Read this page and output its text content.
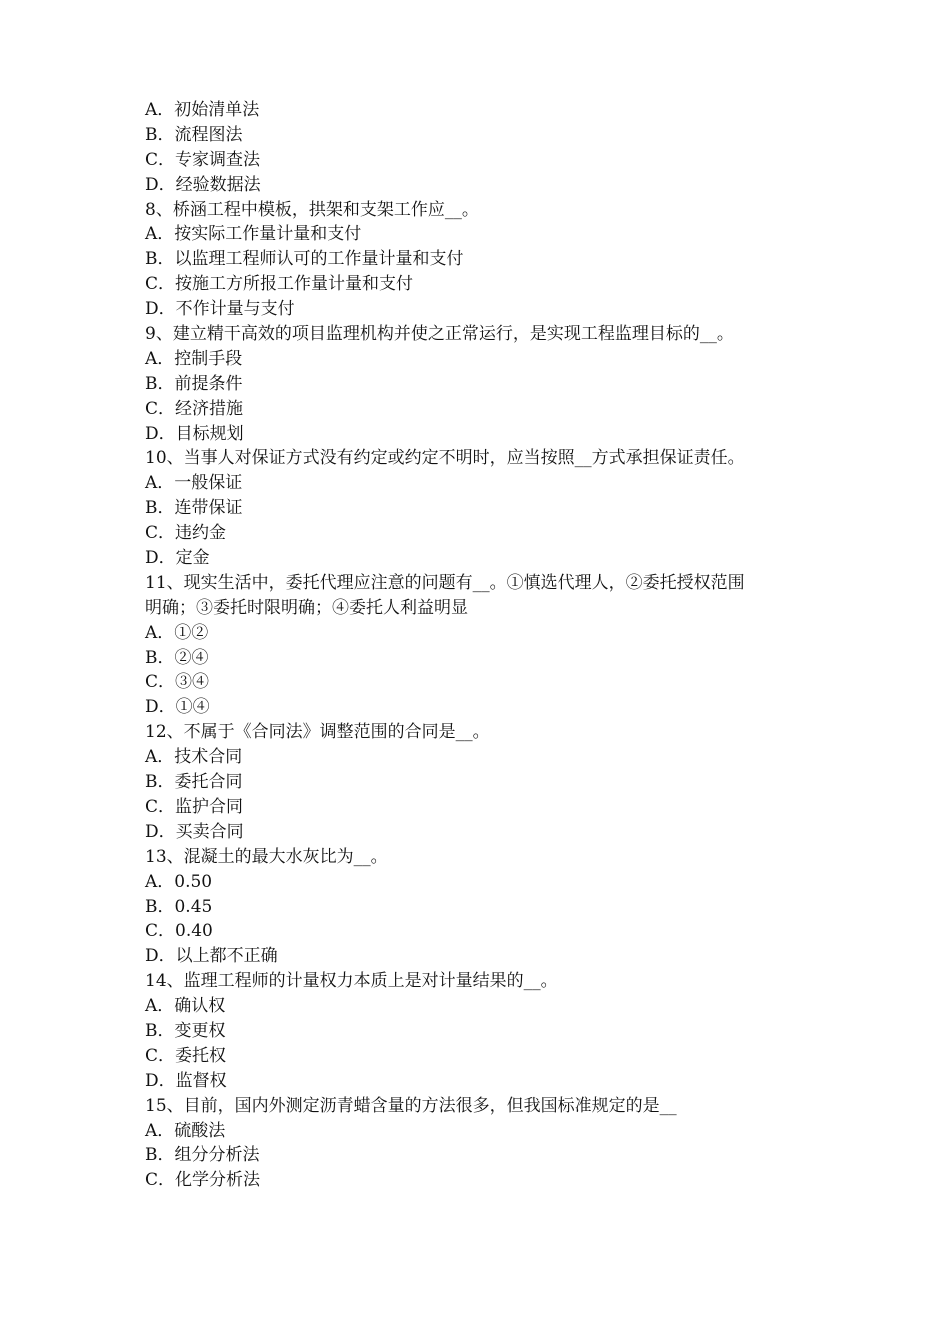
A．初始清单法
B．流程图法
C．专家调查法
D．经验数据法
8、桥涵工程中模板，拱架和支架工作应__。
A．按实际工作量计量和支付
B．以监理工程师认可的工作量计量和支付
C．按施工方所报工作量计量和支付
D．不作计量与支付
9、建立精干高效的项目监理机构并使之正常运行，是实现工程监理目标的__。
A．控制手段
B．前提条件
C．经济措施
D．目标规划
10、当事人对保证方式没有约定或约定不明时，应当按照__方式承担保证责任。
A．一般保证
B．连带保证
C．违约金
D．定金
11、现实生活中，委托代理应注意的问题有__。①慎选代理人，②委托授权范围
明确；③委托时限明确；④委托人利益明显
A．①②
B．②④
C．③④
D．①④
12、不属于《合同法》调整范围的合同是__。
A．技术合同
B．委托合同
C．监护合同
D．买卖合同
13、混凝土的最大水灰比为__。
A．0.50
B．0.45
C．0.40
D．以上都不正确
14、监理工程师的计量权力本质上是对计量结果的__。
A．确认权
B．变更权
C．委托权
D．监督权
15、目前，国内外测定沥青蜡含量的方法很多，但我国标准规定的是__
A．硫酸法
B．组分分析法
C．化学分析法
